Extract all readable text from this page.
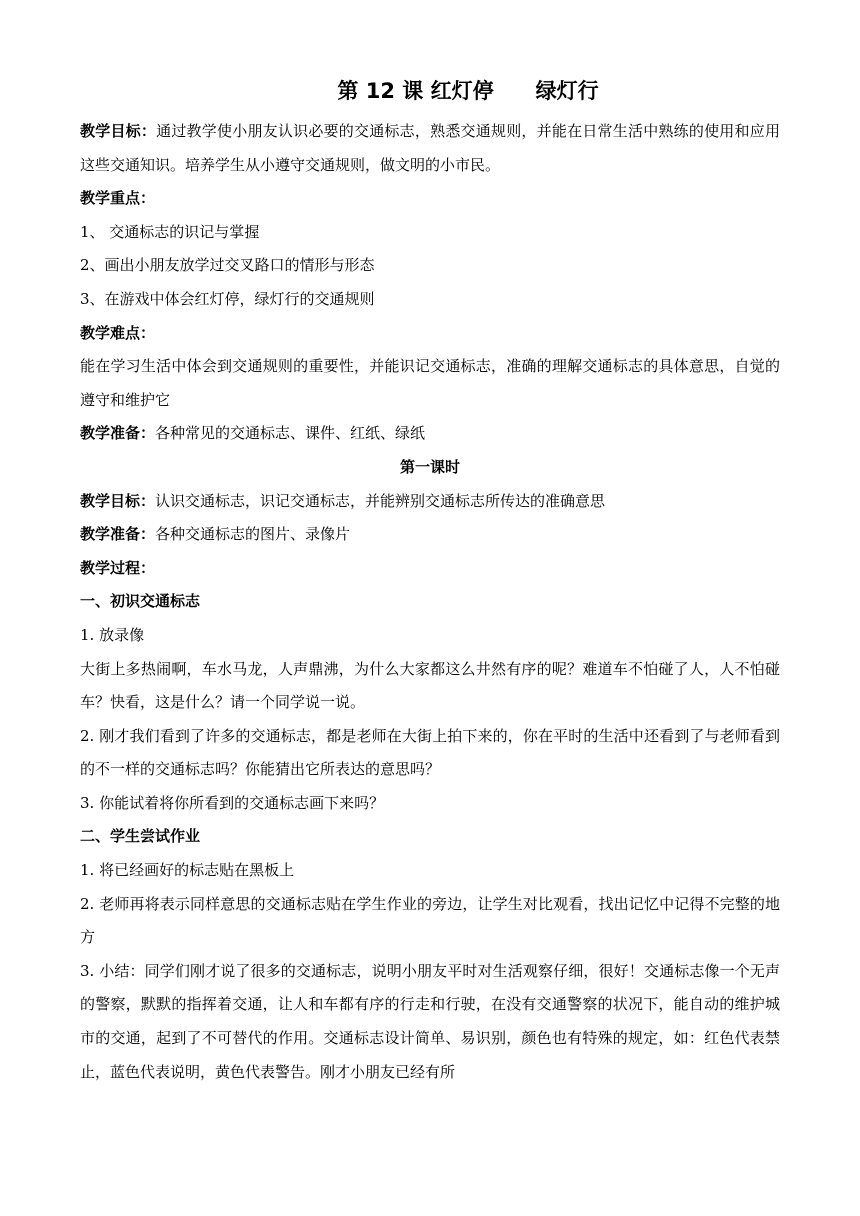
第 12 课 红灯停 绿灯行

教学目标：通过教学使小朋友认识必要的交通标志，熟悉交通规则，并能在日常生活中熟练的使用和应用这些交通知识。培养学生从小遵守交通规则，做文明的小市民。

教学重点：

1、 交通标志的识记与掌握

2、画出小朋友放学过交叉路口的情形与形态

3、在游戏中体会红灯停，绿灯行的交通规则

教学难点：

能在学习生活中体会到交通规则的重要性，并能识记交通标志，准确的理解交通标志的具体意思，自觉的遵守和维护它

教学准备：各种常见的交通标志、课件、红纸、绿纸

第一课时

教学目标：认识交通标志，识记交通标志，并能辨别交通标志所传达的准确意思

教学准备：各种交通标志的图片、录像片

教学过程：

一、初识交通标志

1. 放录像

大街上多热闹啊，车水马龙，人声鼎沸，为什么大家都这么井然有序的呢？难道车不怕碰了人，人不怕碰车？快看，这是什么？请一个同学说一说。

2. 刚才我们看到了许多的交通标志，都是老师在大街上拍下来的，你在平时的生活中还看到了与老师看到的不一样的交通标志吗？你能猜出它所表达的意思吗？

3. 你能试着将你所看到的交通标志画下来吗？

二、学生尝试作业

1. 将已经画好的标志贴在黑板上

2. 老师再将表示同样意思的交通标志贴在学生作业的旁边，让学生对比观看，找出记忆中记得不完整的地方

3. 小结：同学们刚才说了很多的交通标志，说明小朋友平时对生活观察仔细，很好！交通标志像一个无声的警察，默默的指挥着交通，让人和车都有序的行走和行驶，在没有交通警察的状况下，能自动的维护城市的交通，起到了不可替代的作用。交通标志设计简单、易识别，颜色也有特殊的规定，如：红色代表禁止，蓝色代表说明，黄色代表警告。刚才小朋友已经有所
